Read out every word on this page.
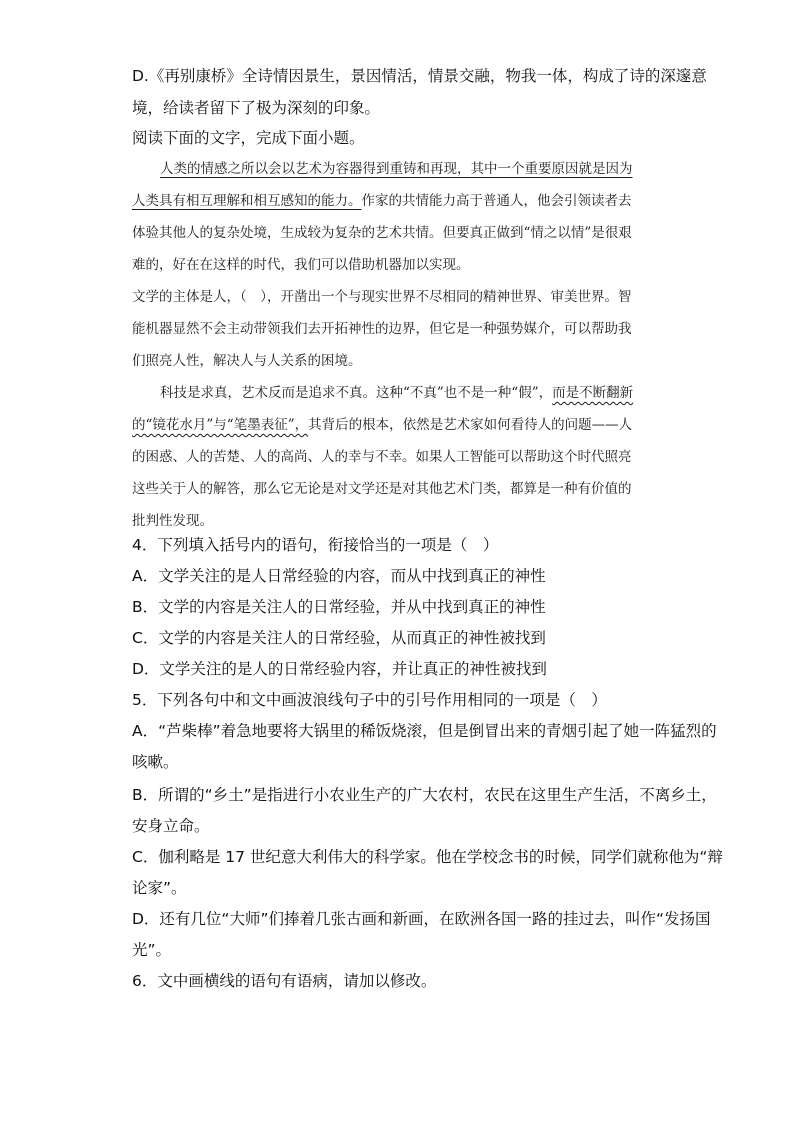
D.《再别康桥》全诗情因景生，景因情活，情景交融，物我一体，构成了诗的深邃意
境，给读者留下了极为深刻的印象。
阅读下面的文字，完成下面小题。
人类的情感之所以会以艺术为容器得到重铸和再现，其中一个重要原因就是因为
人类具有相互理解和相互感知的能力。作家的共情能力高于普通人，他会引领读者去
体验其他人的复杂处境，生成较为复杂的艺术共情。但要真正做到“情之以情”是很艰
难的，好在在这样的时代，我们可以借助机器加以实现。
文学的主体是人，（　），开凿出一个与现实世界不尽相同的精神世界、审美世界。智
能机器显然不会主动带领我们去开拓神性的边界，但它是一种强势媒介，可以帮助我
们照亮人性，解决人与人关系的困境。
科技是求真，艺术反而是追求不真。这种“不真”也不是一种“假”，而是不断翻新
的“镜花水月”与“笔墨表征”，其背后的根本，依然是艺术家如何看待人的问题——人
的困惑、人的苦楚、人的高尚、人的幸与不幸。如果人工智能可以帮助这个时代照亮
这些关于人的解答，那么它无论是对文学还是对其他艺术门类，都算是一种有价值的
批判性发现。
4．下列填入括号内的语句，衔接恰当的一项是（　）
A．文学关注的是人日常经验的内容，而从中找到真正的神性
B．文学的内容是关注人的日常经验，并从中找到真正的神性
C．文学的内容是关注人的日常经验，从而真正的神性被找到
D．文学关注的是人的日常经验内容，并让真正的神性被找到
5．下列各句中和文中画波浪线句子中的引号作用相同的一项是（　）
A．“芦柴棒”着急地要将大锅里的稀饭烧滚，但是倒冒出来的青烟引起了她一阵猛烈的
咳嗽。
B．所谓的“乡土”是指进行小农业生产的广大农村，农民在这里生产生活，不离乡土，
安身立命。
C．伽利略是 17 世纪意大利伟大的科学家。他在学校念书的时候，同学们就称他为“辩
论家”。
D．还有几位“大师”们捧着几张古画和新画，在欧洲各国一路的挂过去，叫作“发扬国
光”。
6．文中画横线的语句有语病，请加以修改。
